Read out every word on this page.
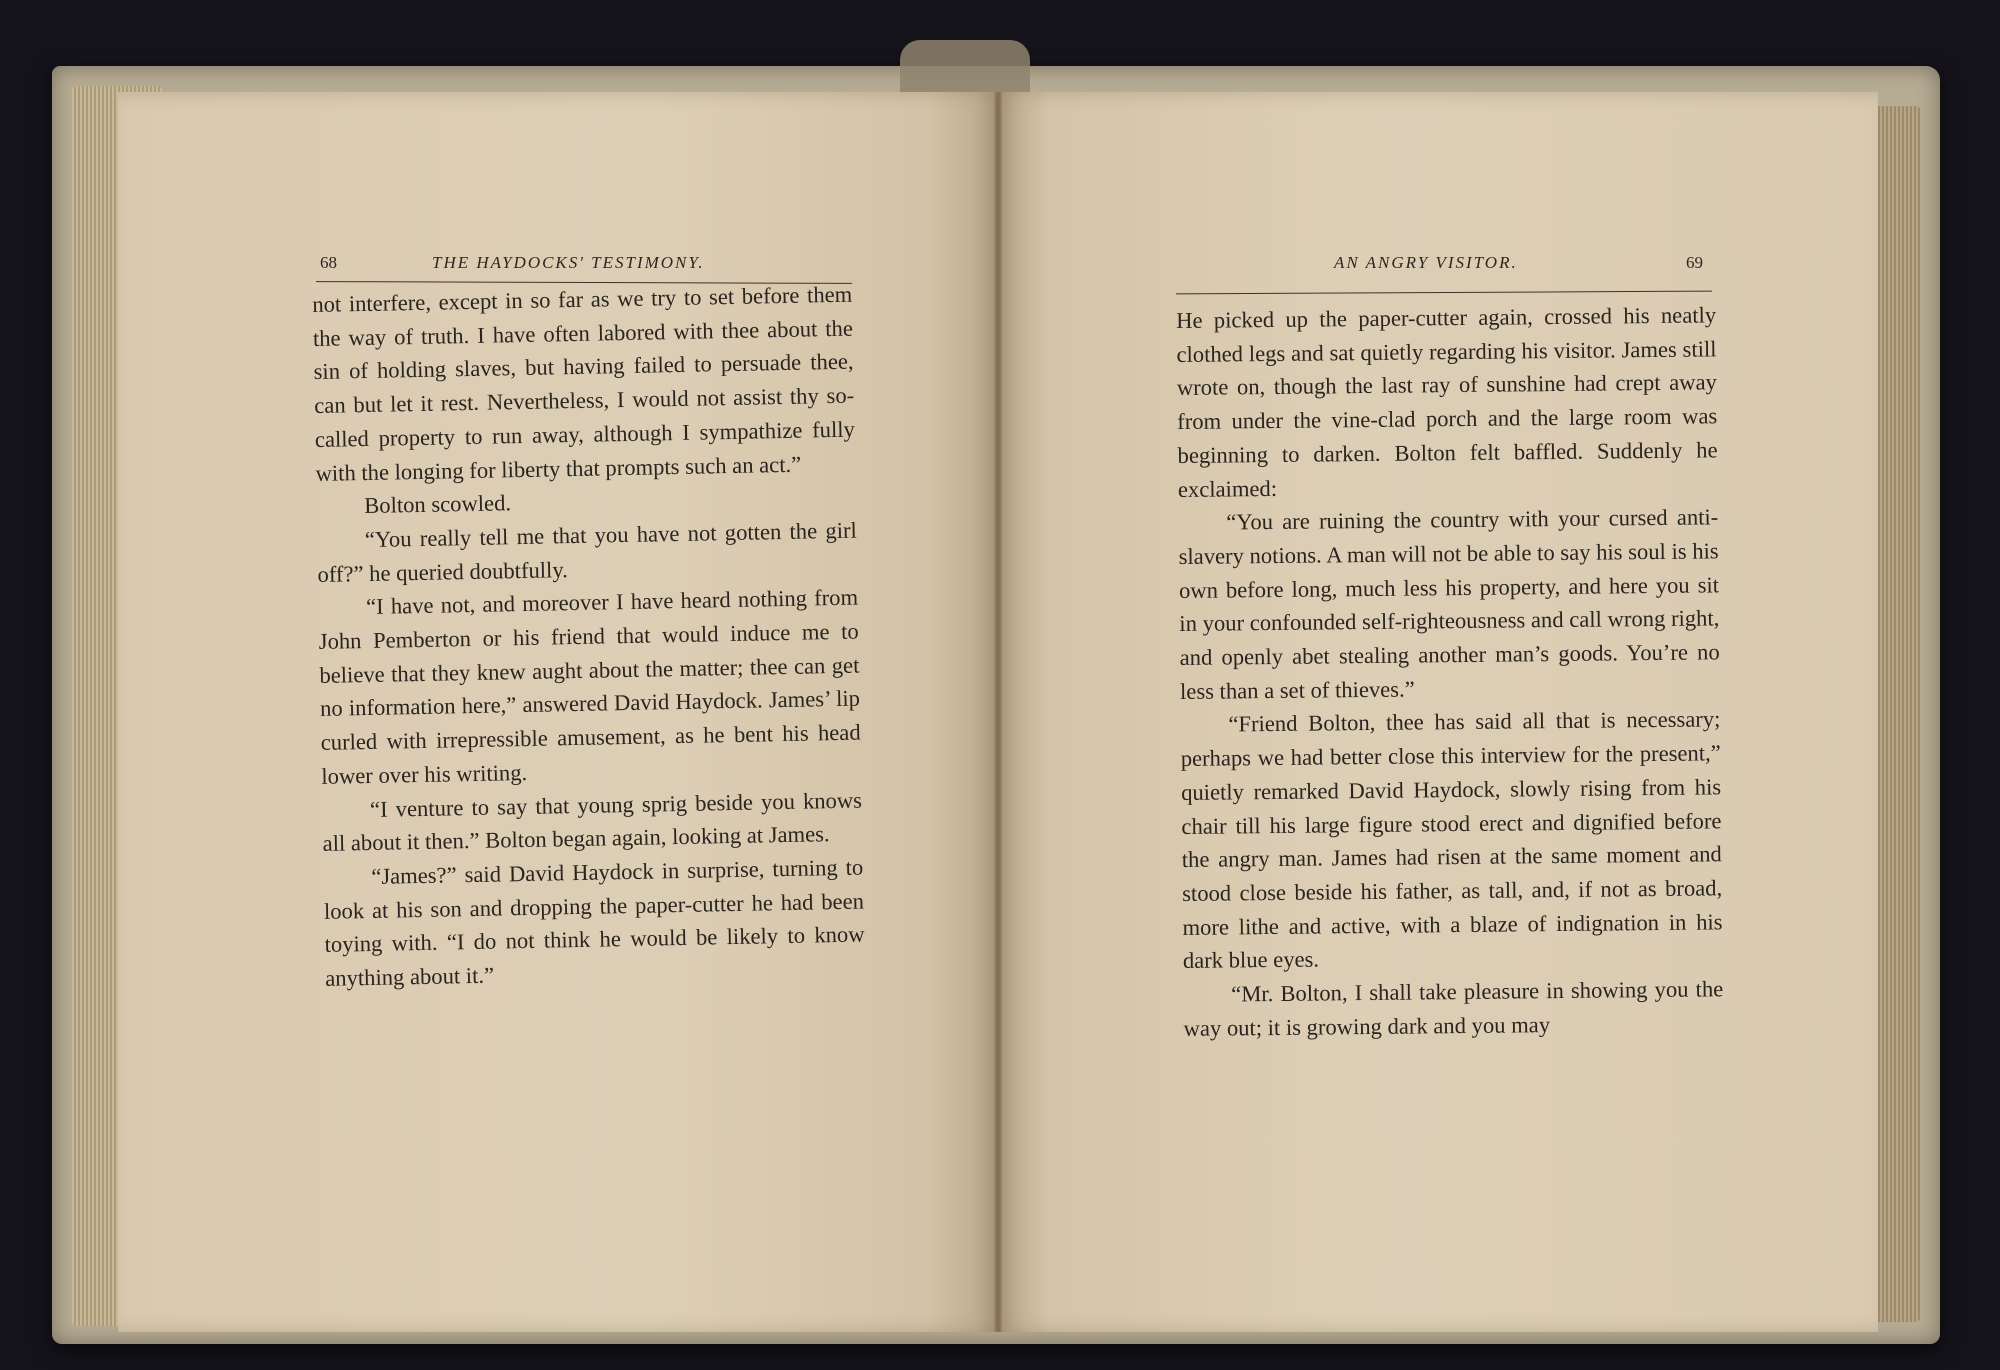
68	THE HAYDOCKS' TESTIMONY.	AN ANGRY VISITOR.	69

not interfere, except in so far as we try to set before them the way of truth. I have often labored with thee about the sin of holding slaves, but having failed to persuade thee, can but let it rest. Nevertheless, I would not assist thy so-called property to run away, although I sympathize fully with the longing for liberty that prompts such an act.”

Bolton scowled.

“You really tell me that you have not gotten the girl off?” he queried doubtfully.

“I have not, and moreover I have heard nothing from John Pemberton or his friend that would induce me to believe that they knew aught about the matter; thee can get no information here,” answered David Haydock. James’ lip curled with irrepressible amusement, as he bent his head lower over his writing.

“I venture to say that young sprig beside you knows all about it then.” Bolton began again, looking at James.

“James?” said David Haydock in surprise, turning to look at his son and dropping the paper-cutter he had been toying with. “I do not think he would be likely to know anything about it.”

He picked up the paper-cutter again, crossed his neatly clothed legs and sat quietly regarding his visitor. James still wrote on, though the last ray of sunshine had crept away from under the vine-clad porch and the large room was beginning to darken. Bolton felt baffled. Suddenly he exclaimed:

“You are ruining the country with your cursed anti-slavery notions. A man will not be able to say his soul is his own before long, much less his property, and here you sit in your confounded self-righteousness and call wrong right, and openly abet stealing another man’s goods. You’re no less than a set of thieves.”

“Friend Bolton, thee has said all that is necessary; perhaps we had better close this interview for the present,” quietly remarked David Haydock, slowly rising from his chair till his large figure stood erect and dignified before the angry man. James had risen at the same moment and stood close beside his father, as tall, and, if not as broad, more lithe and active, with a blaze of indignation in his dark blue eyes.

“Mr. Bolton, I shall take pleasure in showing you the way out; it is growing dark and you may
